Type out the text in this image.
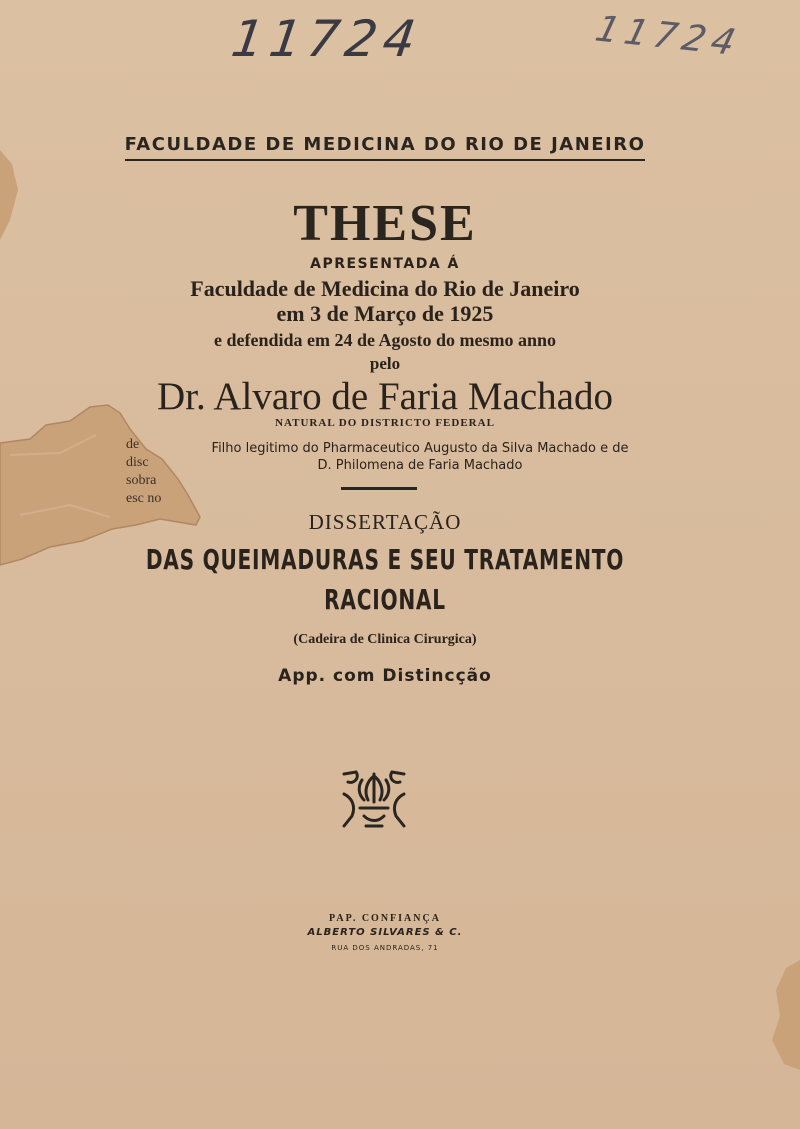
11724	11724
FACULDADE DE MEDICINA DO RIO DE JANEIRO
THESE
APRESENTADA Á
Faculdade de Medicina do Rio de Janeiro
em 3 de Março de 1925
e defendida em 24 de Agosto do mesmo anno
pelo
Dr. Alvaro de Faria Machado
NATURAL DO DISTRICTO FEDERAL
Filho legitimo do Pharmaceutico Augusto da Silva Machado e de
D. Philomena de Faria Machado
DISSERTAÇÃO
DAS QUEIMADURAS E SEU TRATAMENTO
RACIONAL
(Cadeira de Clinica Cirurgica)
App. com Distincção
PAP. CONFIANÇA
ALBERTO SILVARES & C.
RUA DOS ANDRADAS, 71
de
disc
sobra
esc no
